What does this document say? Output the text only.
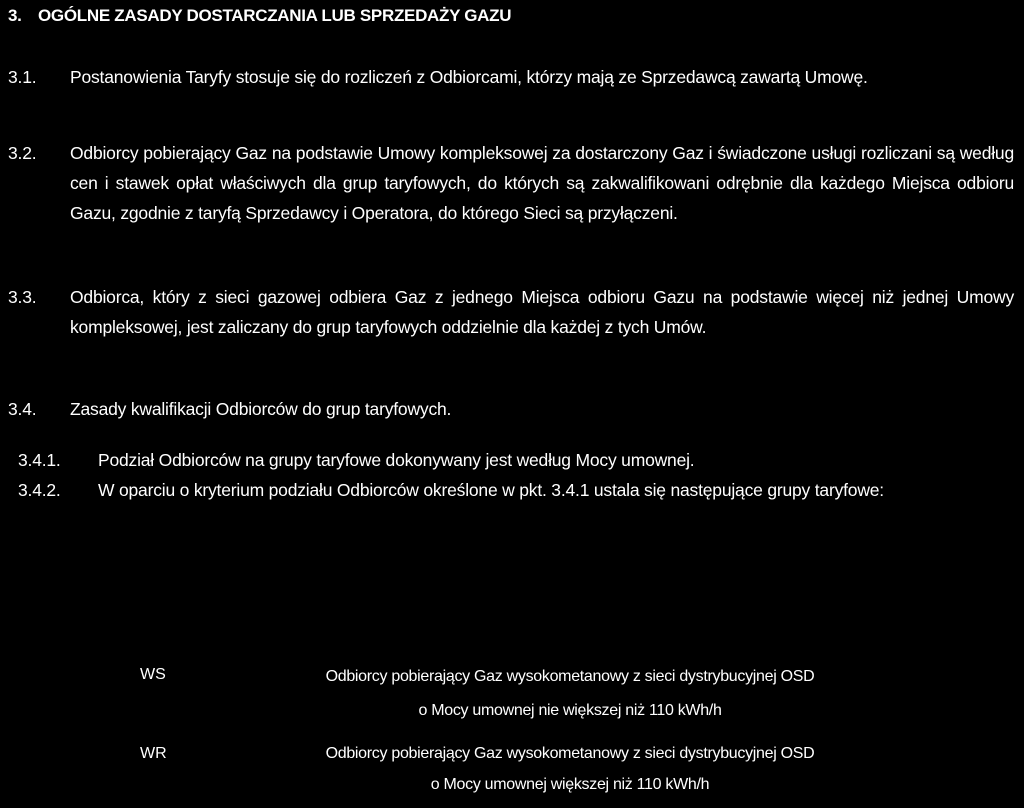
3. OGÓLNE ZASADY DOSTARCZANIA LUB SPRZEDAŻY GAZU
3.1. Postanowienia Taryfy stosuje się do rozliczeń z Odbiorcami, którzy mają ze Sprzedawcą zawartą Umowę.
3.2. Odbiorcy pobierający Gaz na podstawie Umowy kompleksowej za dostarczony Gaz i świadczone usługi rozliczani są według cen i stawek opłat właściwych dla grup taryfowych, do których są zakwalifikowani odrębnie dla każdego Miejsca odbioru Gazu, zgodnie z taryfą Sprzedawcy i Operatora, do którego Sieci są przyłączeni.
3.3. Odbiorca, który z sieci gazowej odbiera Gaz z jednego Miejsca odbioru Gazu na podstawie więcej niż jednej Umowy kompleksowej, jest zaliczany do grup taryfowych oddzielnie dla każdej z tych Umów.
3.4. Zasady kwalifikacji Odbiorców do grup taryfowych.
3.4.1. Podział Odbiorców na grupy taryfowe dokonywany jest według Mocy umownej.
3.4.2. W oparciu o kryterium podziału Odbiorców określone w pkt. 3.4.1 ustala się następujące grupy taryfowe:
WS	Odbiorcy pobierający Gaz wysokometanowy z sieci dystrybucyjnej OSD
o Mocy umownej nie większej niż 110 kWh/h
WR	Odbiorcy pobierający Gaz wysokometanowy z sieci dystrybucyjnej OSD
o Mocy umownej większej niż 110 kWh/h
